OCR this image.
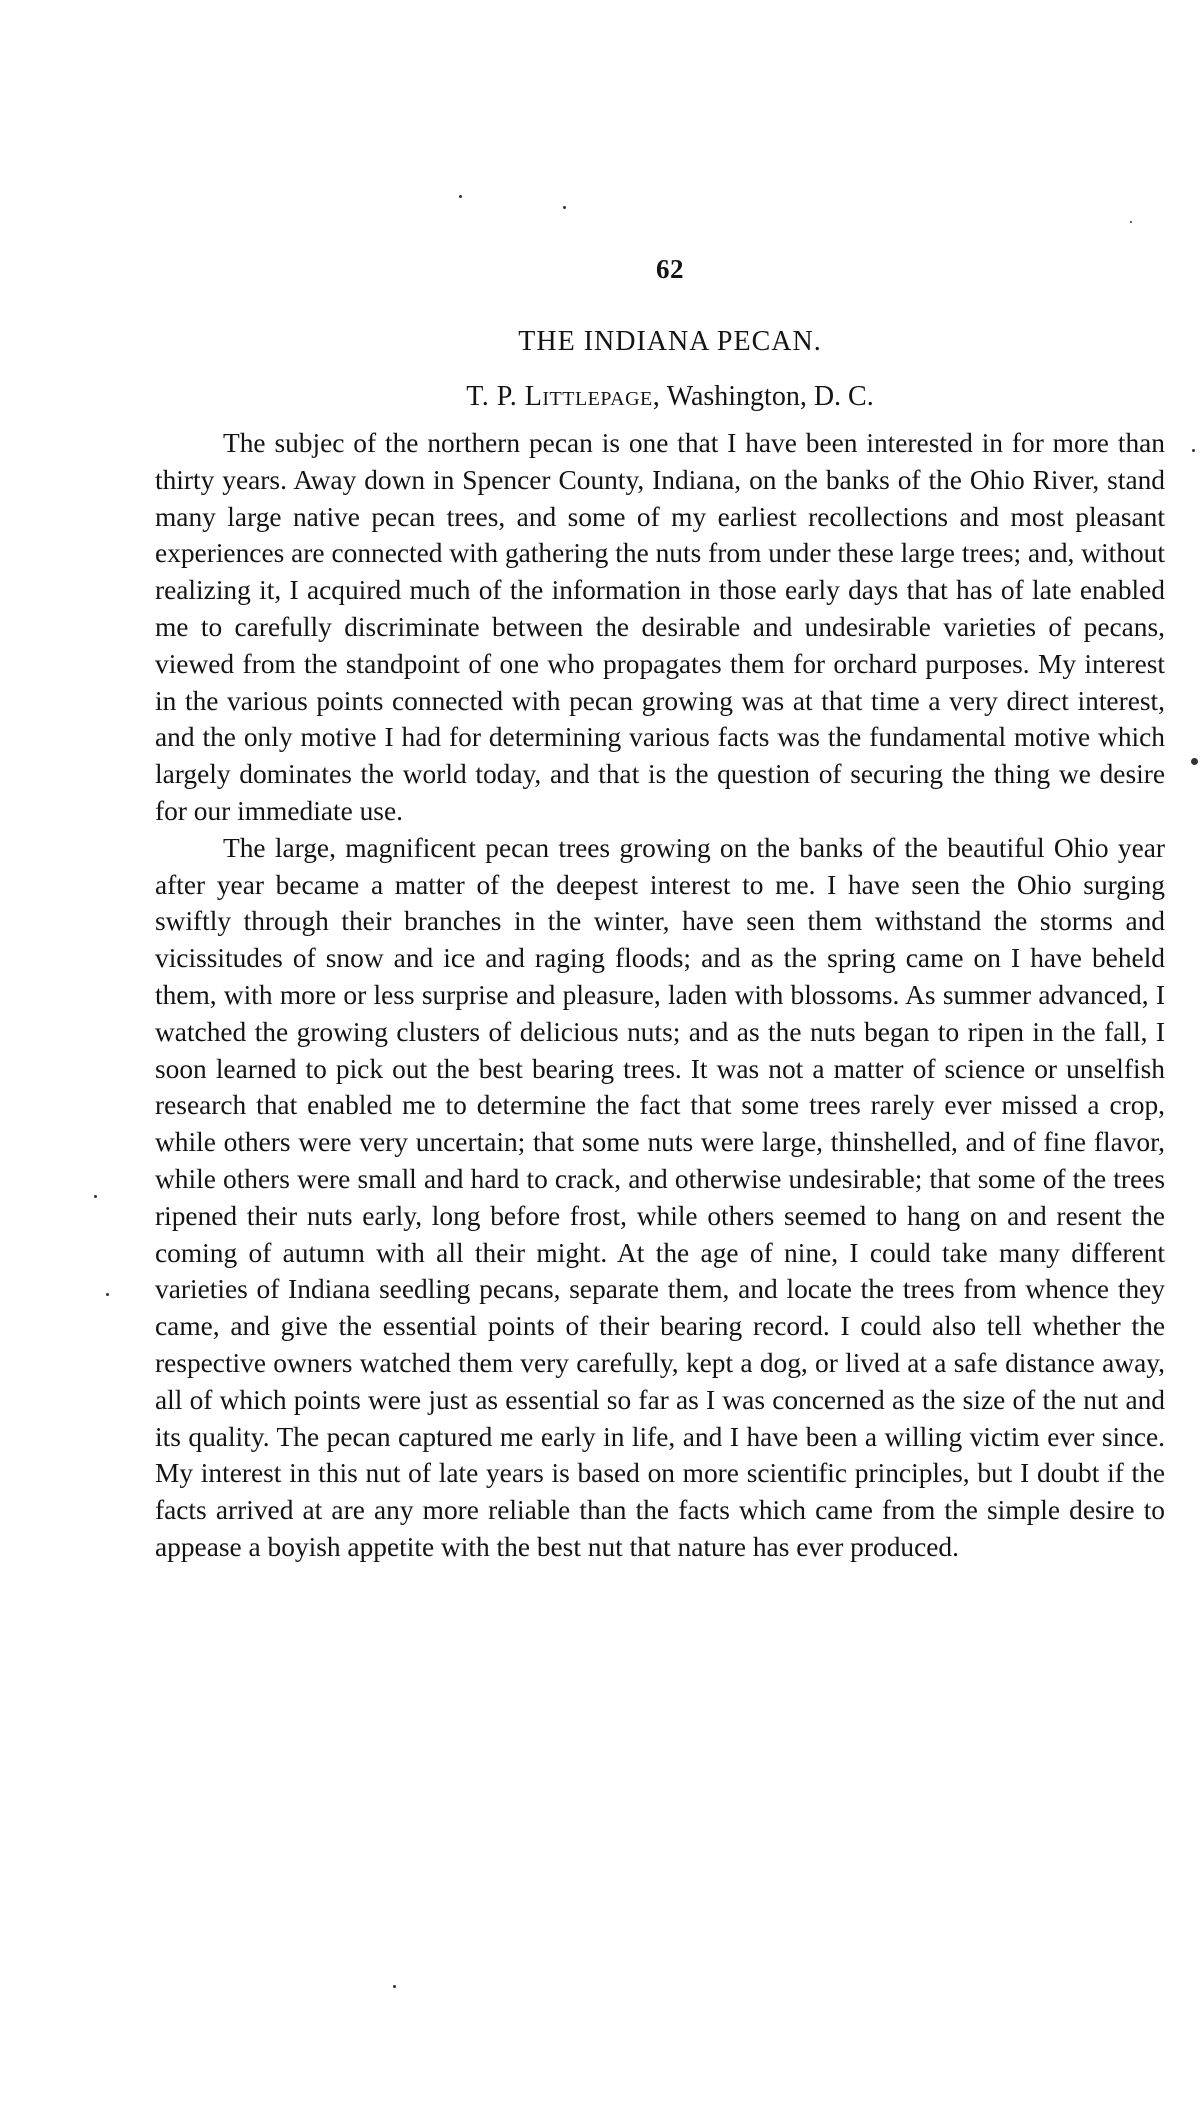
62
THE INDIANA PECAN.
T. P. Littlepage, Washington, D. C.

The subjec of the northern pecan is one that I have been interested in for more than thirty years. Away down in Spencer County, Indiana, on the banks of the Ohio River, stand many large native pecan trees, and some of my earliest recollections and most pleasant experiences are connected with gathering the nuts from under these large trees; and, without realizing it, I acquired much of the information in those early days that has of late enabled me to carefully discriminate between the desirable and undesirable varieties of pecans, viewed from the standpoint of one who propagates them for orchard purposes. My interest in the various points connected with pecan growing was at that time a very direct interest, and the only motive I had for determining various facts was the fundamental motive which largely dominates the world today, and that is the question of securing the thing we desire for our immediate use.

The large, magnificent pecan trees growing on the banks of the beautiful Ohio year after year became a matter of the deepest interest to me. I have seen the Ohio surging swiftly through their branches in the winter, have seen them withstand the storms and vicissitudes of snow and ice and raging floods; and as the spring came on I have beheld them, with more or less surprise and pleasure, laden with blossoms. As summer advanced, I watched the growing clusters of delicious nuts; and as the nuts began to ripen in the fall, I soon learned to pick out the best bearing trees. It was not a matter of science or unselfish research that enabled me to determine the fact that some trees rarely ever missed a crop, while others were very uncertain; that some nuts were large, thinshelled, and of fine flavor, while others were small and hard to crack, and otherwise undesirable; that some of the trees ripened their nuts early, long before frost, while others seemed to hang on and resent the coming of autumn with all their might. At the age of nine, I could take many different varieties of Indiana seedling pecans, separate them, and locate the trees from whence they came, and give the essential points of their bearing record. I could also tell whether the respective owners watched them very carefully, kept a dog, or lived at a safe distance away, all of which points were just as essential so far as I was concerned as the size of the nut and its quality. The pecan captured me early in life, and I have been a willing victim ever since. My interest in this nut of late years is based on more scientific principles, but I doubt if the facts arrived at are any more reliable than the facts which came from the simple desire to appease a boyish appetite with the best nut that nature has ever produced.
